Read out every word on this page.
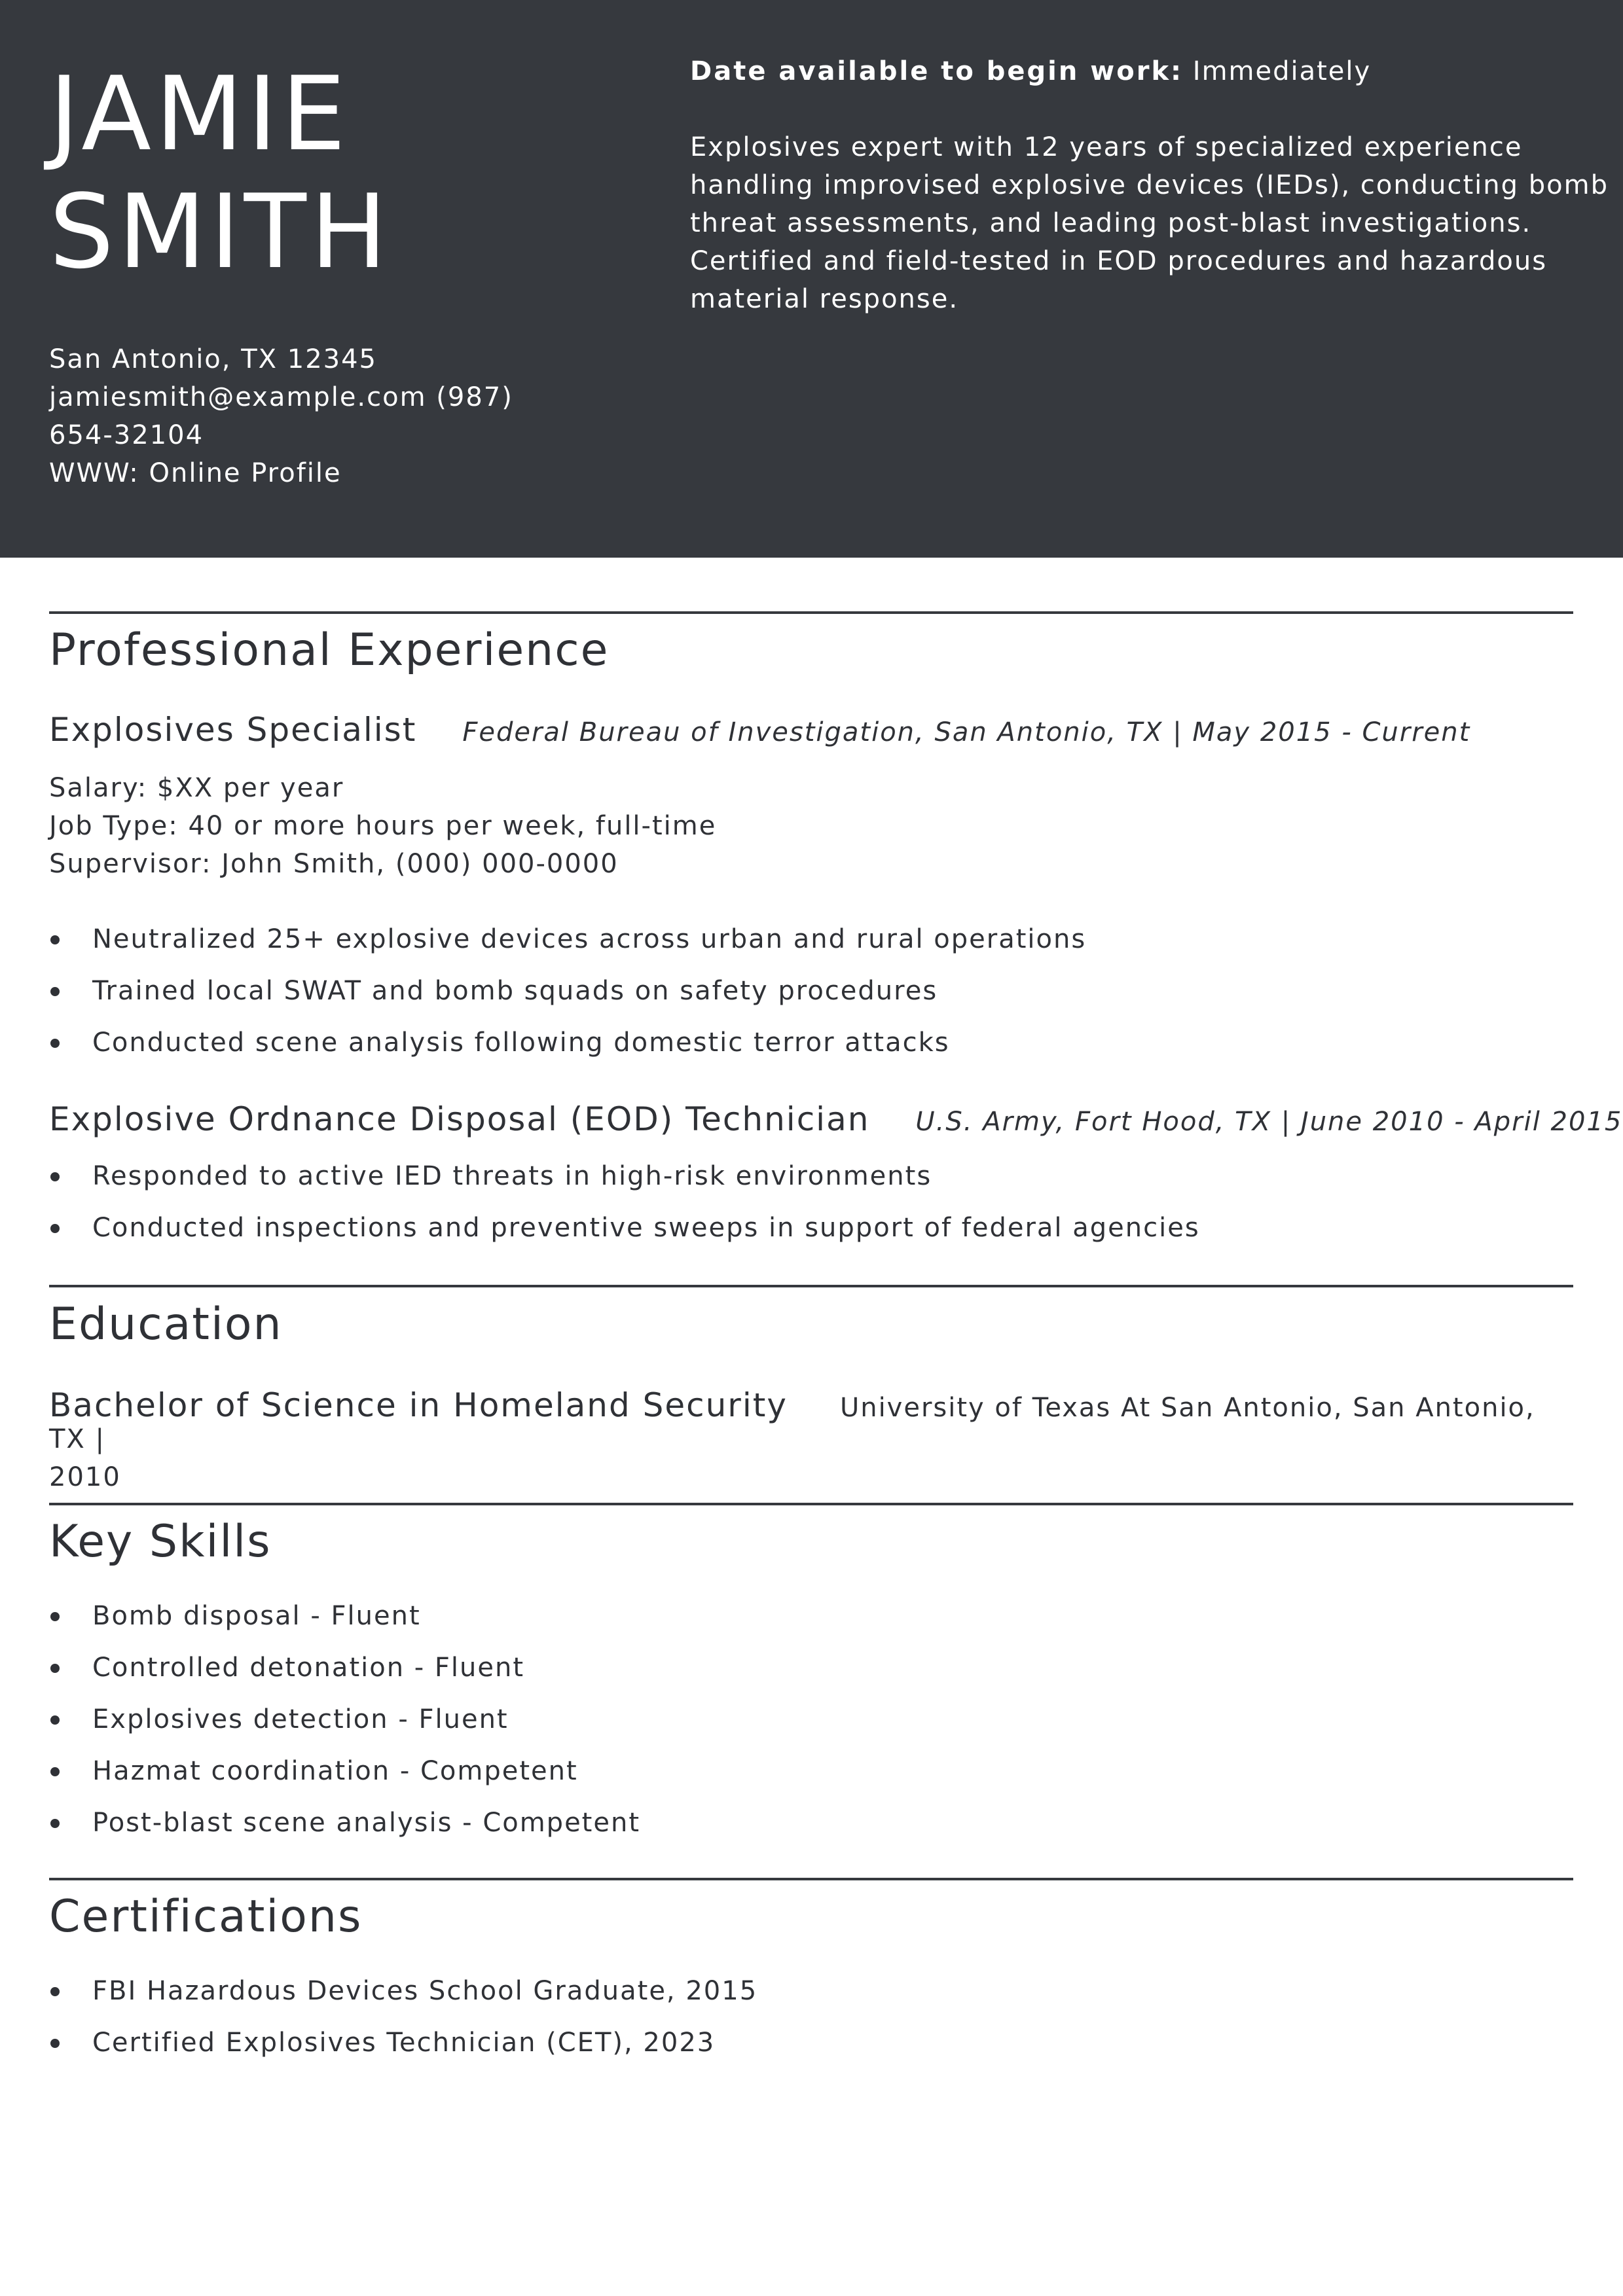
JAMIE
SMITH
San Antonio, TX 12345
jamiesmith@example.com (987)
654-32104
WWW: Online Profile
Date available to begin work: Immediately
Explosives expert with 12 years of specialized experience
handling improvised explosive devices (IEDs), conducting bomb
threat assessments, and leading post-blast investigations.
Certified and field-tested in EOD procedures and hazardous
material response.
Professional Experience
Explosives Specialist Federal Bureau of Investigation, San Antonio, TX | May 2015 - Current
Salary: $XX per year
Job Type: 40 or more hours per week, full-time
Supervisor: John Smith, (000) 000-0000
Neutralized 25+ explosive devices across urban and rural operations
Trained local SWAT and bomb squads on safety procedures
Conducted scene analysis following domestic terror attacks
Explosive Ordnance Disposal (EOD) Technician U.S. Army, Fort Hood, TX | June 2010 - April 2015
Responded to active IED threats in high-risk environments
Conducted inspections and preventive sweeps in support of federal agencies
Education
Bachelor of Science in Homeland Security University of Texas At San Antonio, San Antonio, TX |
2010
Key Skills
Bomb disposal - Fluent
Controlled detonation - Fluent
Explosives detection - Fluent
Hazmat coordination - Competent
Post-blast scene analysis - Competent
Certifications
FBI Hazardous Devices School Graduate, 2015
Certified Explosives Technician (CET), 2023
